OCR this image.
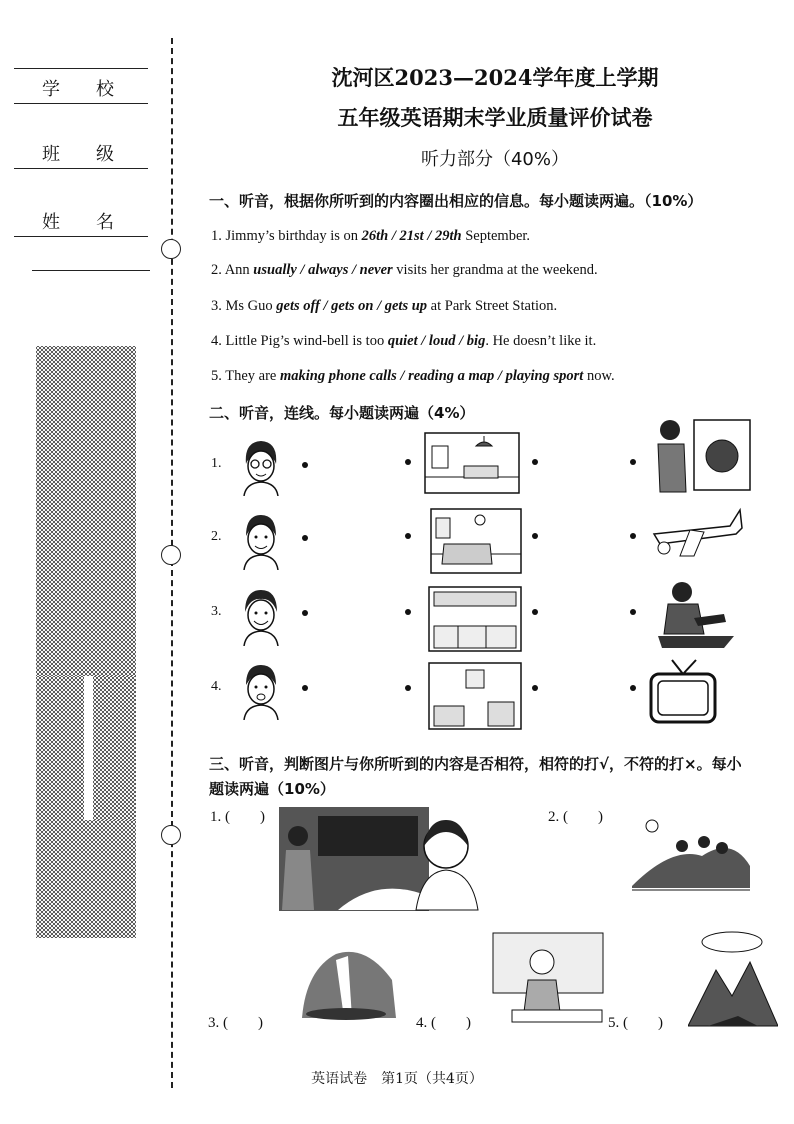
学　　校
班　　级
姓　　名
沈河区2023—2024学年度上学期
五年级英语期末学业质量评价试卷
听力部分（40%）
一、听音，根据你所听到的内容圈出相应的信息。每小题读两遍。（10%）
1. Jimmy’s birthday is on 26th / 21st / 29th September.
2. Ann usually / always / never visits her grandma at the weekend.
3. Ms Guo gets off / gets on / gets up at Park Street Station.
4. Little Pig’s wind-bell is too quiet / loud / big. He doesn’t like it.
5. They are making phone calls / reading a map / playing sport now.
二、听音，连线。每小题读两遍（4%）
1.
2.
3.
4.
三、听音，判断图片与你所听到的内容是否相符，相符的打√，不符的打×。每小
题读两遍（10%）
1. (　　)	2. (　　)
3. (　　)	4. (　　)	5. (　　)
英语试卷　第1页（共4页）
